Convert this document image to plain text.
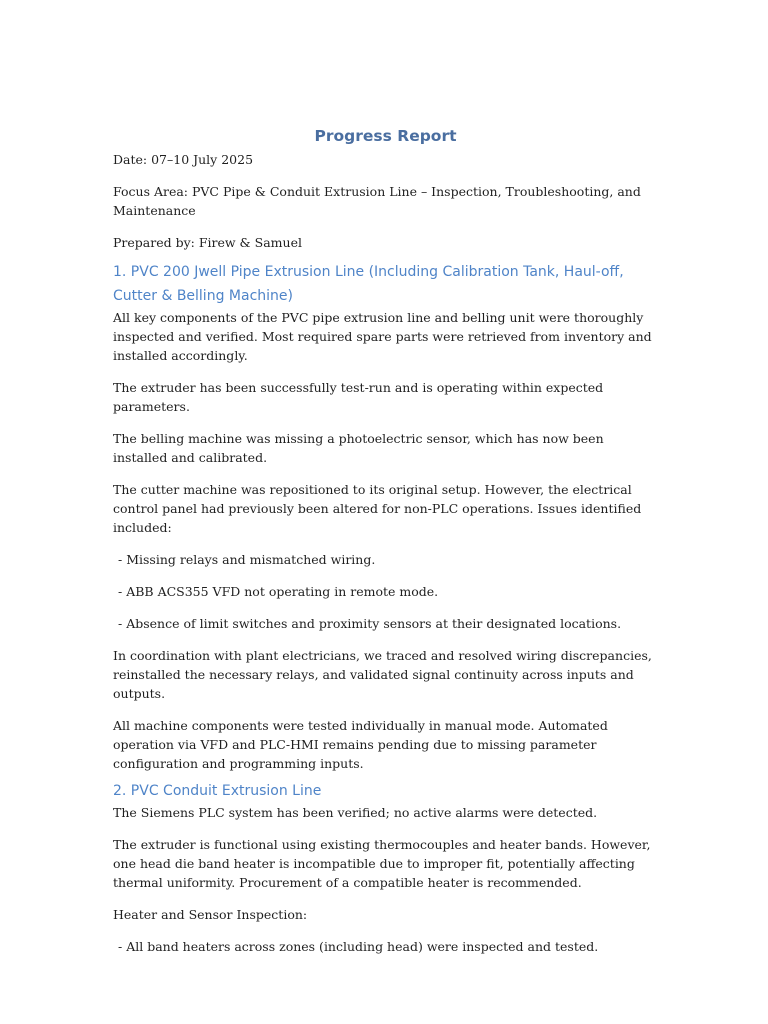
Progress Report

Date: 07–10 July 2025

Focus Area: PVC Pipe & Conduit Extrusion Line – Inspection, Troubleshooting, and Maintenance

Prepared by: Firew & Samuel

1. PVC 200 Jwell Pipe Extrusion Line (Including Calibration Tank, Haul-off, Cutter & Belling Machine)

All key components of the PVC pipe extrusion line and belling unit were thoroughly inspected and verified. Most required spare parts were retrieved from inventory and installed accordingly.

The extruder has been successfully test-run and is operating within expected parameters.

The belling machine was missing a photoelectric sensor, which has now been installed and calibrated.

The cutter machine was repositioned to its original setup. However, the electrical control panel had previously been altered for non-PLC operations. Issues identified included:

- Missing relays and mismatched wiring.

- ABB ACS355 VFD not operating in remote mode.

- Absence of limit switches and proximity sensors at their designated locations.

In coordination with plant electricians, we traced and resolved wiring discrepancies, reinstalled the necessary relays, and validated signal continuity across inputs and outputs.

All machine components were tested individually in manual mode. Automated operation via VFD and PLC-HMI remains pending due to missing parameter configuration and programming inputs.

2. PVC Conduit Extrusion Line

The Siemens PLC system has been verified; no active alarms were detected.

The extruder is functional using existing thermocouples and heater bands. However, one head die band heater is incompatible due to improper fit, potentially affecting thermal uniformity. Procurement of a compatible heater is recommended.

Heater and Sensor Inspection:

- All band heaters across zones (including head) were inspected and tested.
